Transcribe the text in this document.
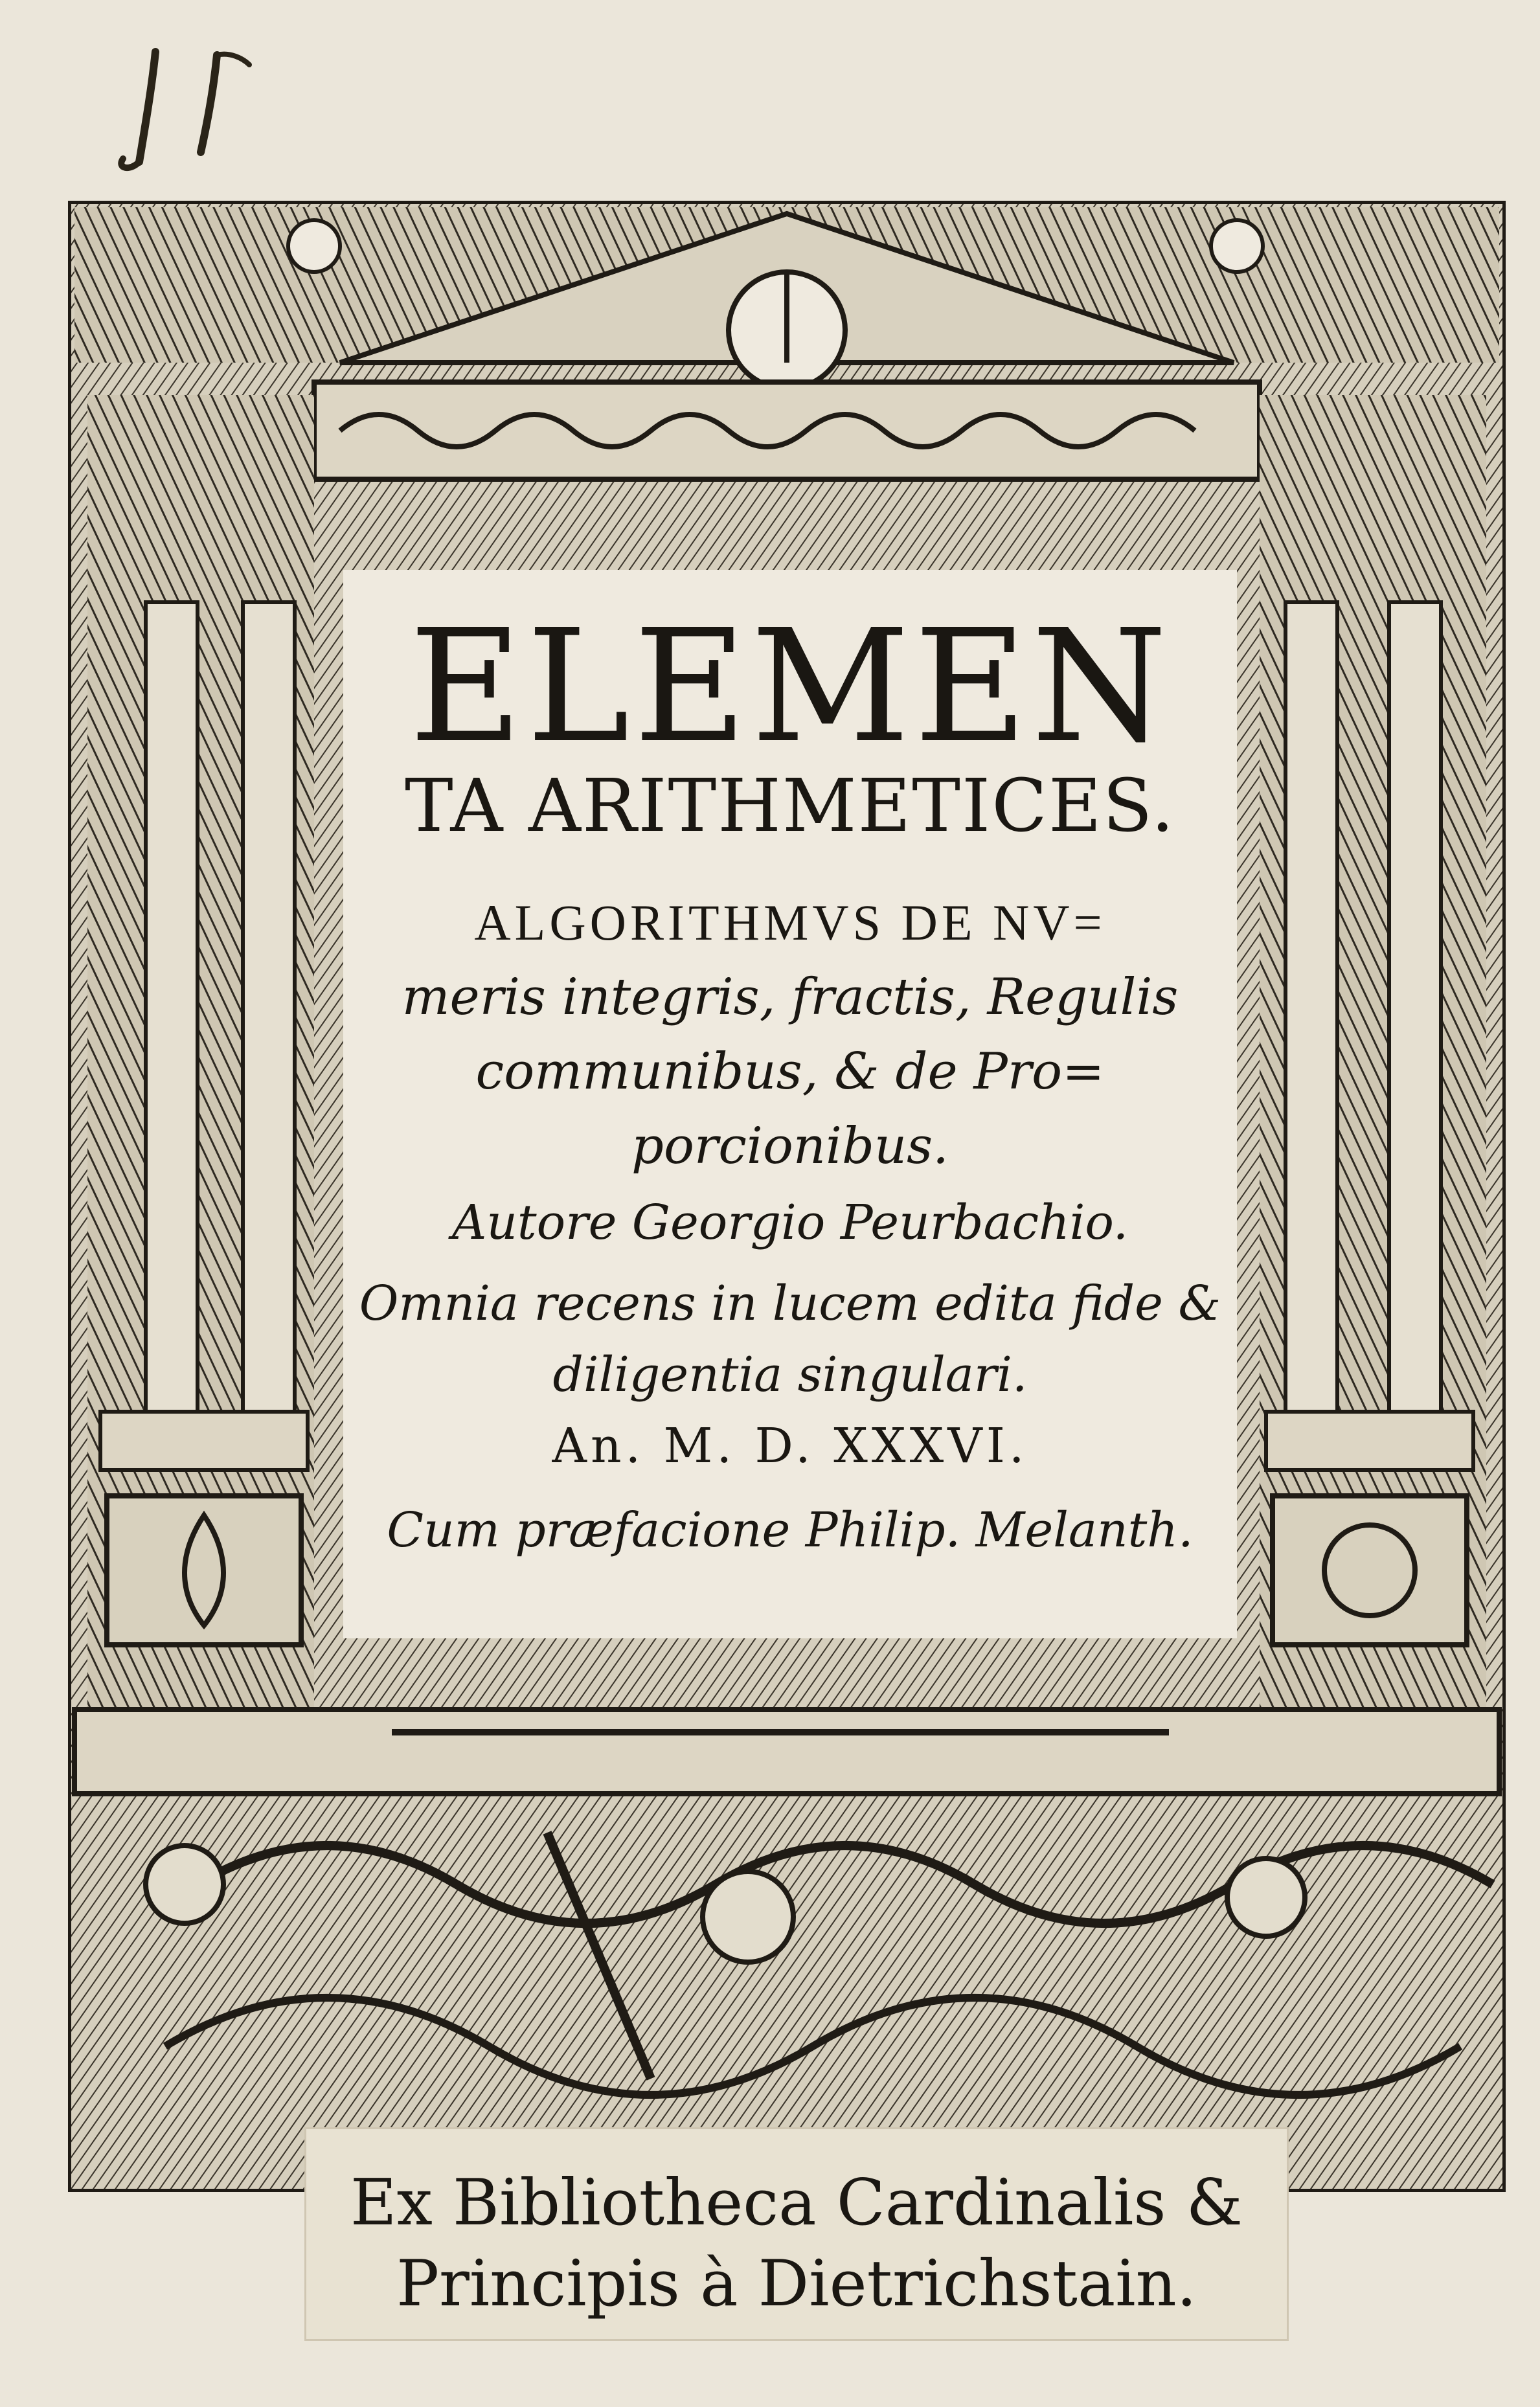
ELEMEN
TA ARITHMETICES.
ALGORITHMVS DE NV=
meris integris, fractis, Regulis
communibus, & de Pro=
porcionibus.
Autore Georgio Peurbachio.
Omnia recens in lucem edita fide &
diligentia singulari.
An. M. D. XXXVI.
Cum præfacione Philip. Melanth.
Ex Bibliotheca Cardinalis &
Principis à Dietrichstain.
